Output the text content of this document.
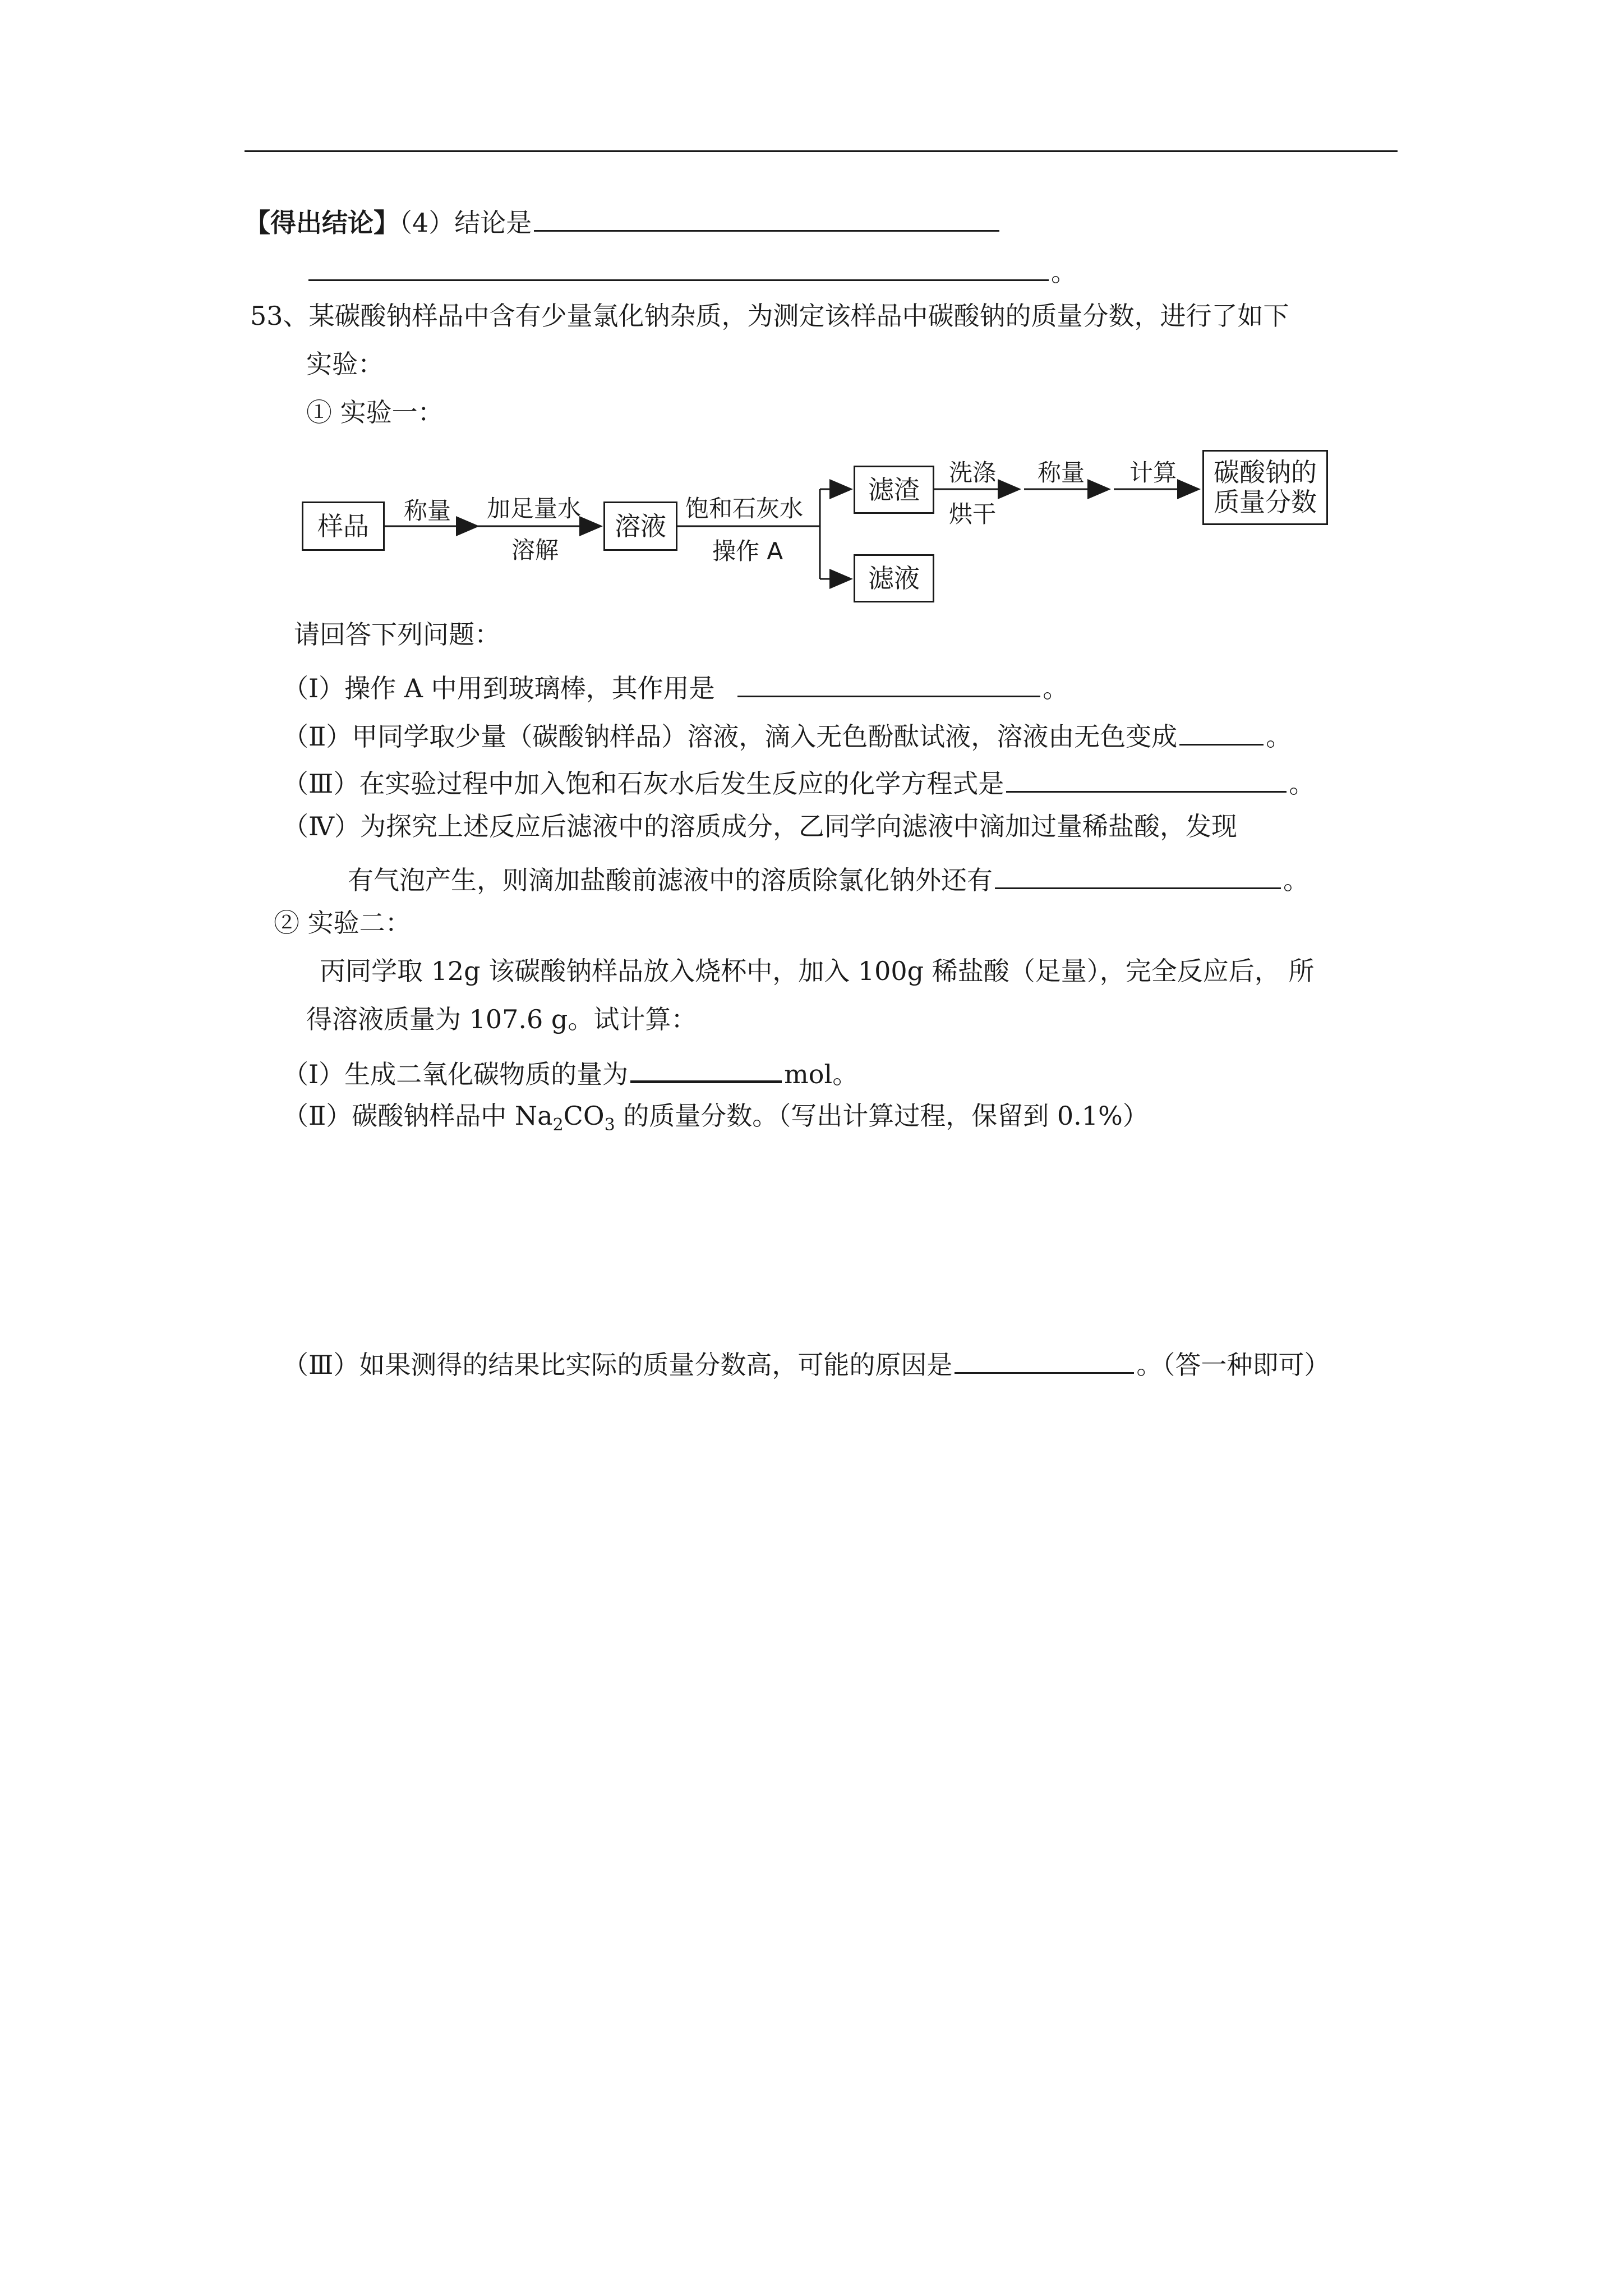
【得出结论】（4）结论是
。
53、某碳酸钠样品中含有少量氯化钠杂质，为测定该样品中碳酸钠的质量分数，进行了如下
实验：
① 实验一：
样品
称量 加足量水
溶解
溶液
饱和石灰水
操作 A
滤渣
洗涤
烘干
称量 计算 碳酸钠的
质量分数
滤液
请回答下列问题：
（Ⅰ）操作 A 中用到玻璃棒，其作用是	。
（Ⅱ）甲同学取少量（碳酸钠样品）溶液，滴入无色酚酞试液，溶液由无色变成	。
（Ⅲ）在实验过程中加入饱和石灰水后发生反应的化学方程式是	。
（Ⅳ）为探究上述反应后滤液中的溶质成分，乙同学向滤液中滴加过量稀盐酸，发现
有气泡产生，则滴加盐酸前滤液中的溶质除氯化钠外还有	。
② 实验二：
丙同学取 12g 该碳酸钠样品放入烧杯中，加入 100g 稀盐酸（足量），完全反应后， 所
得溶液质量为 107.6 g。试计算：
（Ⅰ）生成二氧化碳物质的量为	mol。
（Ⅱ）碳酸钠样品中 $Na_2CO_3$ 的质量分数。（写出计算过程，保留到 0.1%）
（Ⅲ）如果测得的结果比实际的质量分数高，可能的原因是	。（答一种即可）
